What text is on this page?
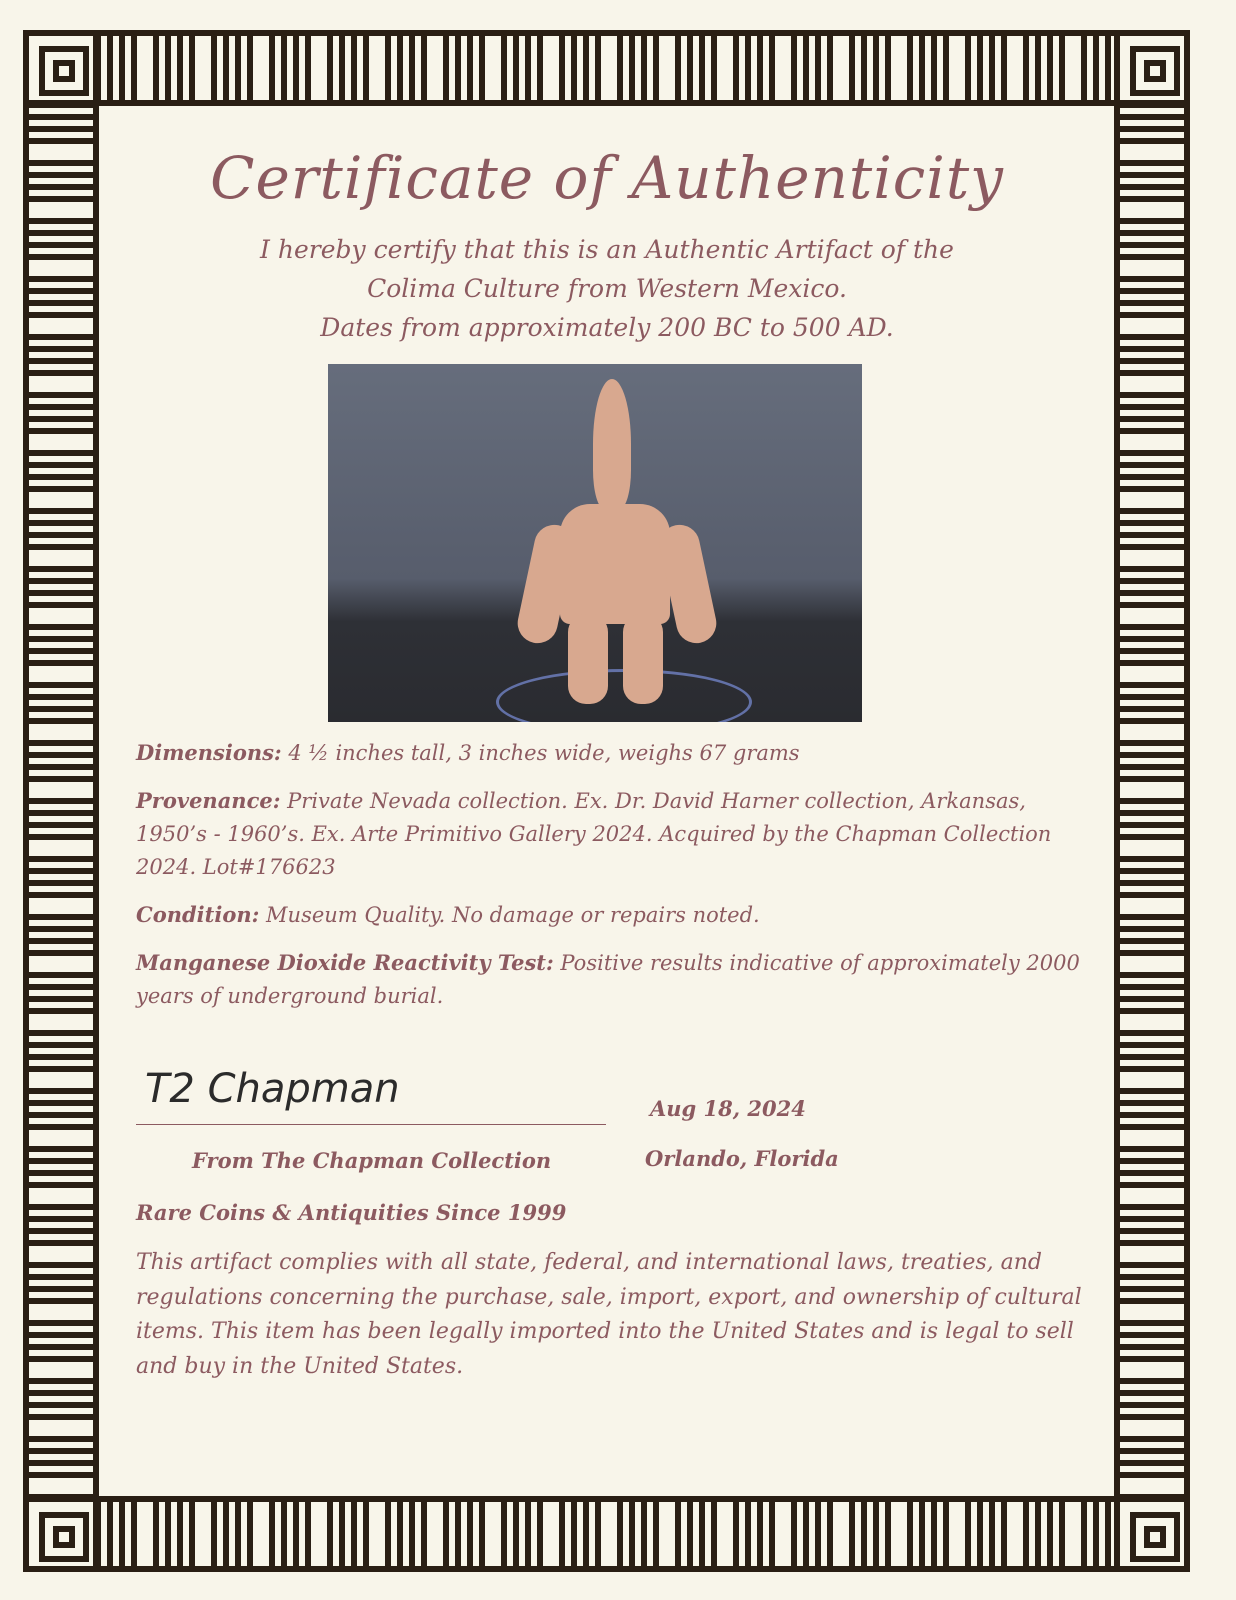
Certificate of Authenticity
I hereby certify that this is an Authentic Artifact of the
Colima Culture from Western Mexico.
Dates from approximately 200 BC to 500 AD.

Dimensions: 4 ½ inches tall, 3 inches wide, weighs 67 grams

Provenance: Private Nevada collection. Ex. Dr. David Harner collection, Arkansas, 1950’s - 1960’s. Ex. Arte Primitivo Gallery 2024. Acquired by the Chapman Collection 2024. Lot#176623

Condition: Museum Quality. No damage or repairs noted.

Manganese Dioxide Reactivity Test: Positive results indicative of approximately 2000 years of underground burial.

T2 Chapman	Aug 18, 2024
From The Chapman Collection	Orlando, Florida
Rare Coins & Antiquities Since 1999
This artifact complies with all state, federal, and international laws, treaties, and regulations concerning the purchase, sale, import, export, and ownership of cultural items. This item has been legally imported into the United States and is legal to sell and buy in the United States.
